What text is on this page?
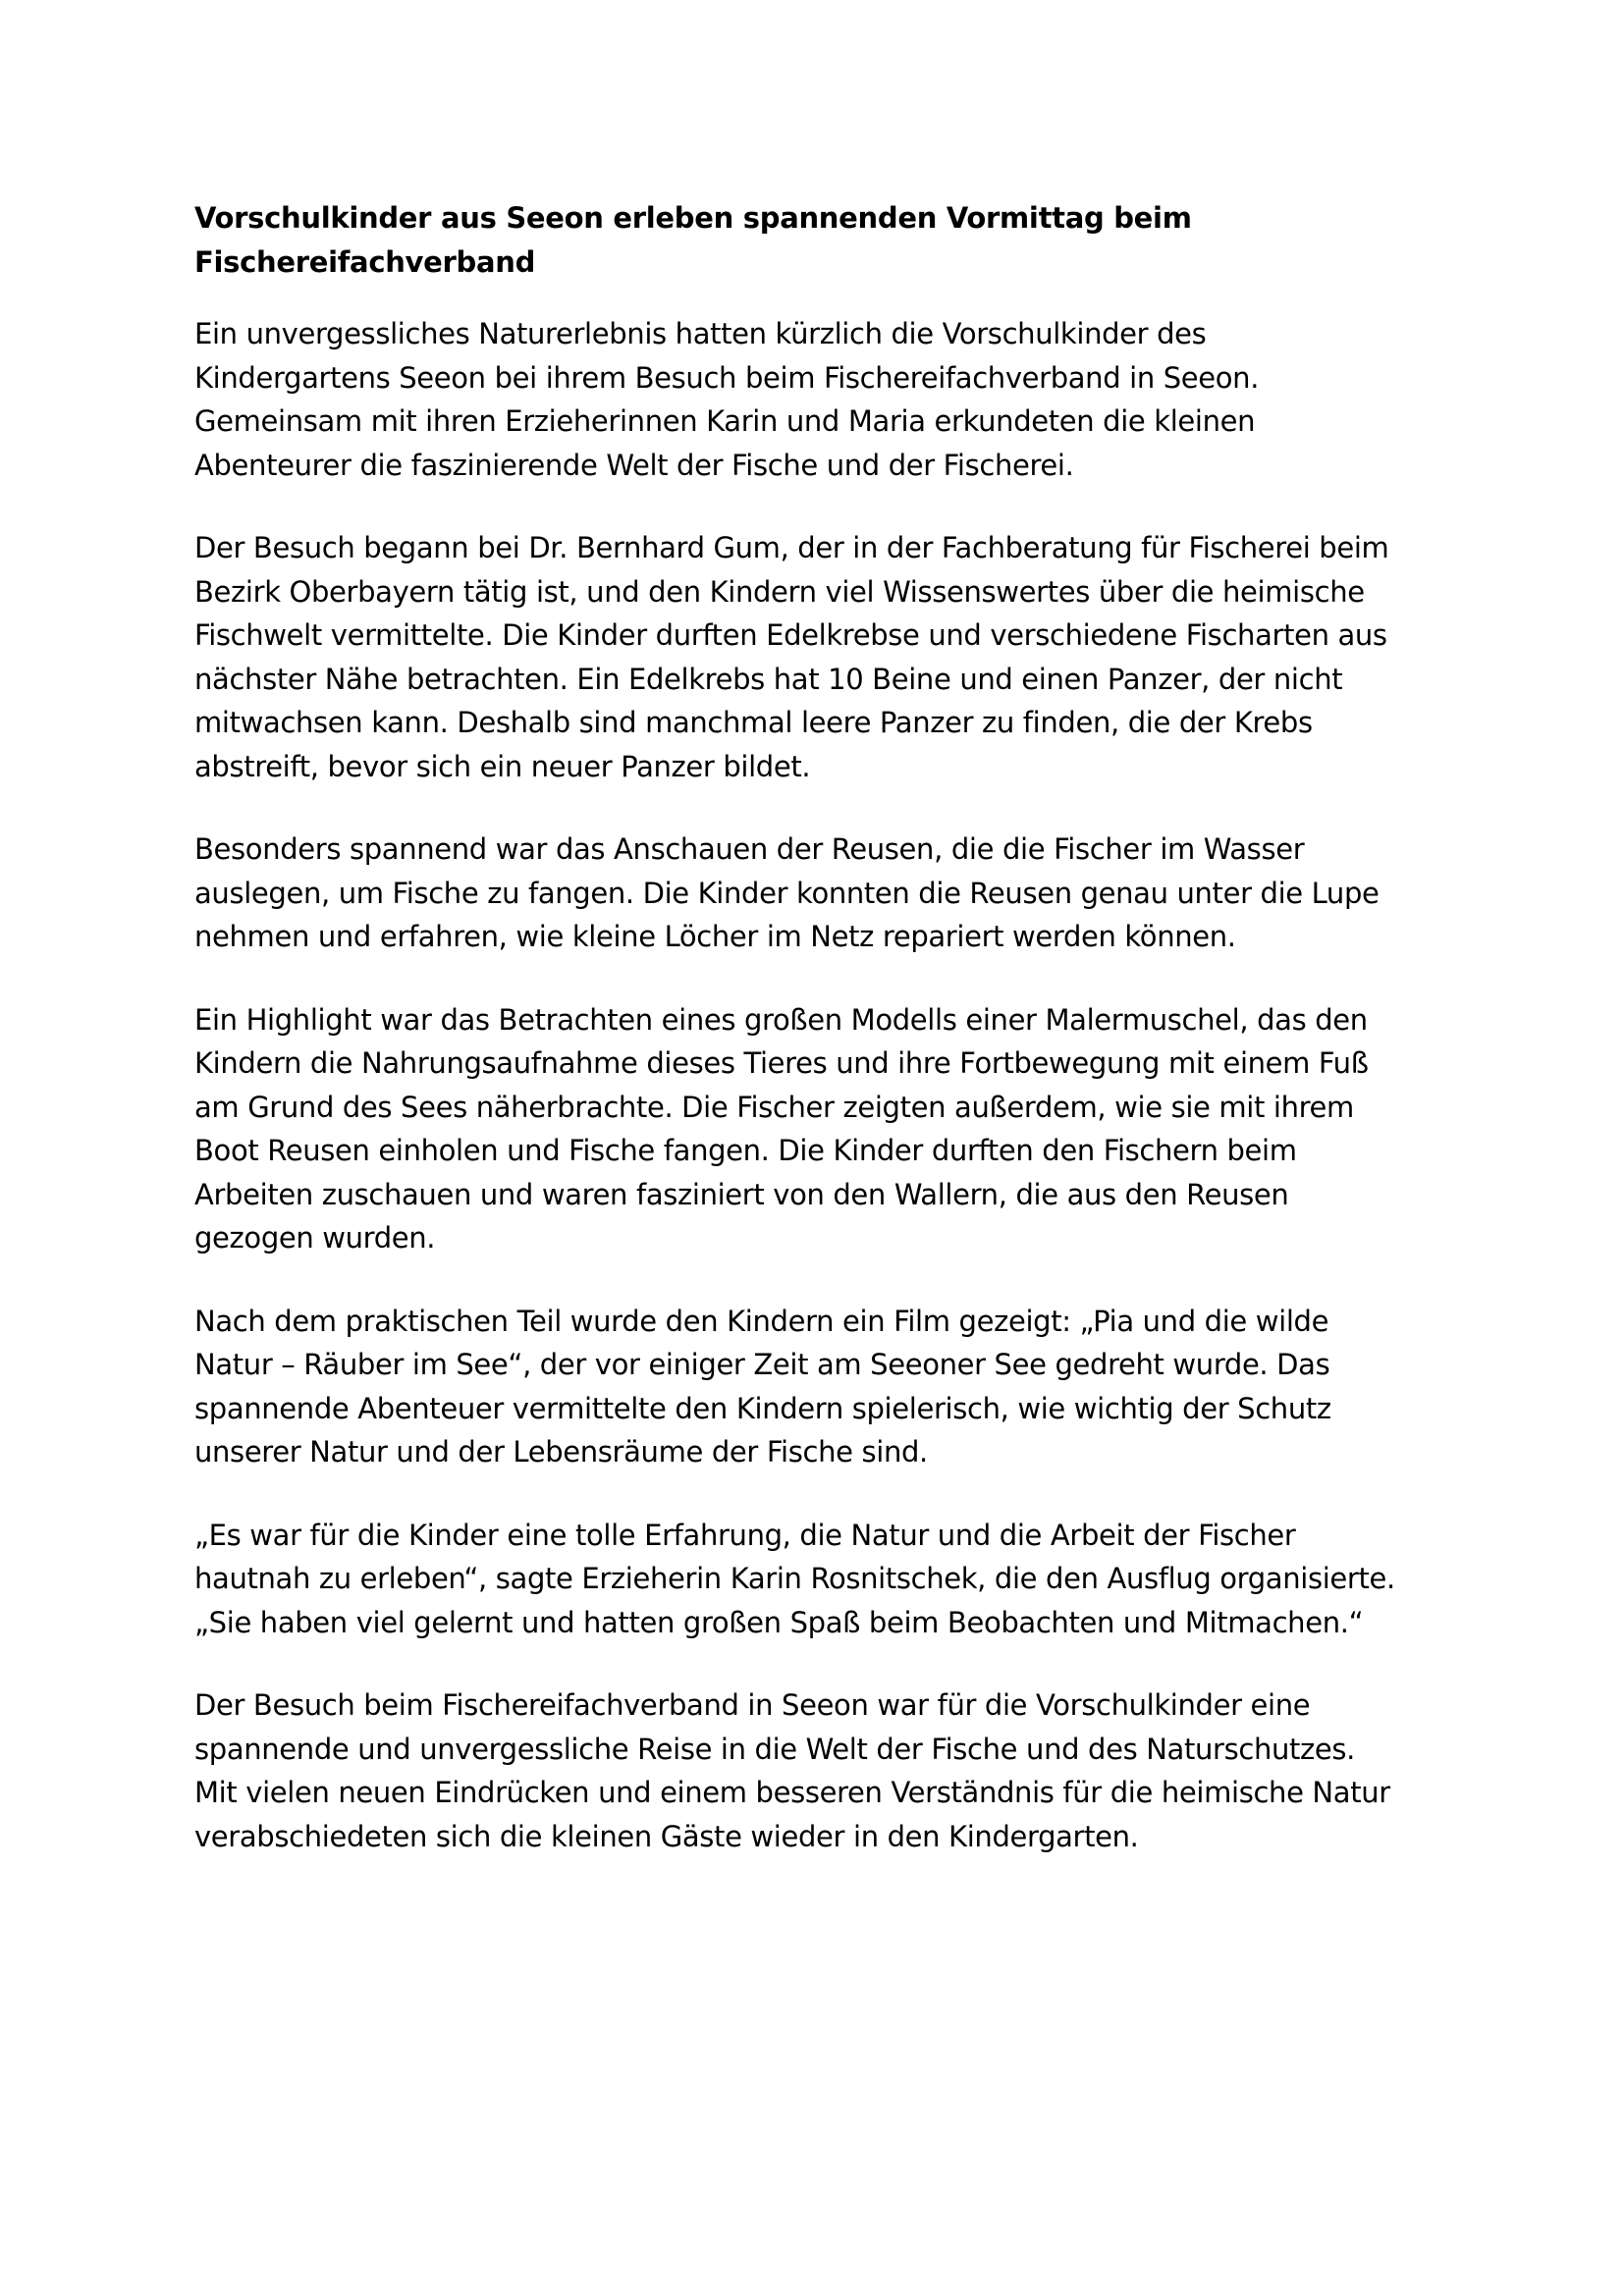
Vorschulkinder aus Seeon erleben spannenden Vormittag beim
Fischereifachverband

Ein unvergessliches Naturerlebnis hatten kürzlich die Vorschulkinder des
Kindergartens Seeon bei ihrem Besuch beim Fischereifachverband in Seeon.
Gemeinsam mit ihren Erzieherinnen Karin und Maria erkundeten die kleinen
Abenteurer die faszinierende Welt der Fische und der Fischerei.

Der Besuch begann bei Dr. Bernhard Gum, der in der Fachberatung für Fischerei beim
Bezirk Oberbayern tätig ist, und den Kindern viel Wissenswertes über die heimische
Fischwelt vermittelte. Die Kinder durften Edelkrebse und verschiedene Fischarten aus
nächster Nähe betrachten. Ein Edelkrebs hat 10 Beine und einen Panzer, der nicht
mitwachsen kann. Deshalb sind manchmal leere Panzer zu finden, die der Krebs
abstreift, bevor sich ein neuer Panzer bildet.

Besonders spannend war das Anschauen der Reusen, die die Fischer im Wasser
auslegen, um Fische zu fangen. Die Kinder konnten die Reusen genau unter die Lupe
nehmen und erfahren, wie kleine Löcher im Netz repariert werden können.

Ein Highlight war das Betrachten eines großen Modells einer Malermuschel, das den
Kindern die Nahrungsaufnahme dieses Tieres und ihre Fortbewegung mit einem Fuß
am Grund des Sees näherbrachte. Die Fischer zeigten außerdem, wie sie mit ihrem
Boot Reusen einholen und Fische fangen. Die Kinder durften den Fischern beim
Arbeiten zuschauen und waren fasziniert von den Wallern, die aus den Reusen
gezogen wurden.

Nach dem praktischen Teil wurde den Kindern ein Film gezeigt: „Pia und die wilde
Natur – Räuber im See“, der vor einiger Zeit am Seeoner See gedreht wurde. Das
spannende Abenteuer vermittelte den Kindern spielerisch, wie wichtig der Schutz
unserer Natur und der Lebensräume der Fische sind.

„Es war für die Kinder eine tolle Erfahrung, die Natur und die Arbeit der Fischer
hautnah zu erleben“, sagte Erzieherin Karin Rosnitschek, die den Ausflug organisierte.
„Sie haben viel gelernt und hatten großen Spaß beim Beobachten und Mitmachen.“

Der Besuch beim Fischereifachverband in Seeon war für die Vorschulkinder eine
spannende und unvergessliche Reise in die Welt der Fische und des Naturschutzes.
Mit vielen neuen Eindrücken und einem besseren Verständnis für die heimische Natur
verabschiedeten sich die kleinen Gäste wieder in den Kindergarten.
